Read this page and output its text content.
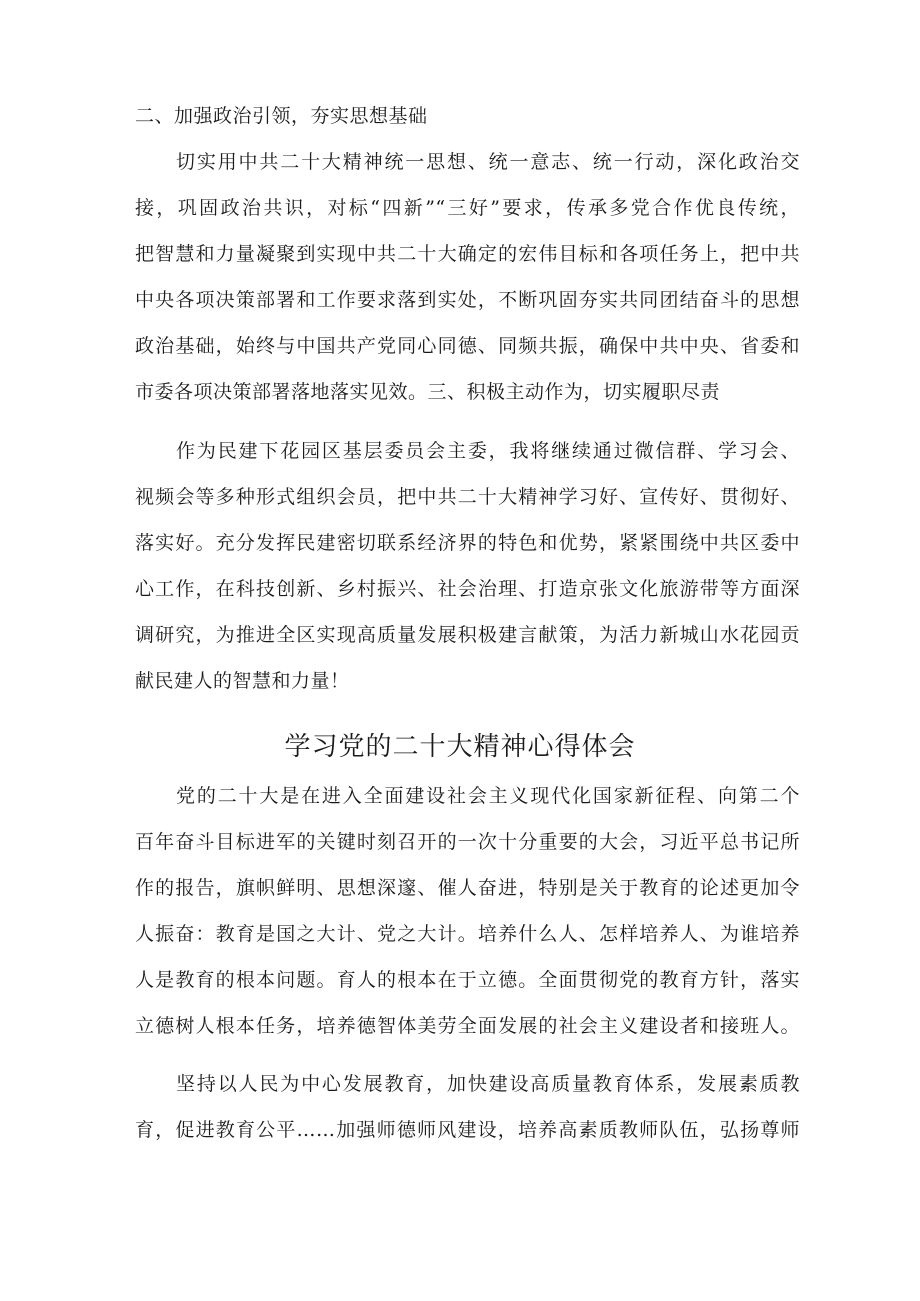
二、加强政治引领，夯实思想基础
切实用中共二十大精神统一思想、统一意志、统一行动，深化政治交
接，巩固政治共识，对标“四新”“三好”要求，传承多党合作优良传统，
把智慧和力量凝聚到实现中共二十大确定的宏伟目标和各项任务上，把中共
中央各项决策部署和工作要求落到实处，不断巩固夯实共同团结奋斗的思想
政治基础，始终与中国共产党同心同德、同频共振，确保中共中央、省委和
市委各项决策部署落地落实见效。三、积极主动作为，切实履职尽责
作为民建下花园区基层委员会主委，我将继续通过微信群、学习会、
视频会等多种形式组织会员，把中共二十大精神学习好、宣传好、贯彻好、
落实好。充分发挥民建密切联系经济界的特色和优势，紧紧围绕中共区委中
心工作，在科技创新、乡村振兴、社会治理、打造京张文化旅游带等方面深
调研究，为推进全区实现高质量发展积极建言献策，为活力新城山水花园贡
献民建人的智慧和力量！
学习党的二十大精神心得体会
党的二十大是在进入全面建设社会主义现代化国家新征程、向第二个
百年奋斗目标进军的关键时刻召开的一次十分重要的大会，习近平总书记所
作的报告，旗帜鲜明、思想深邃、催人奋进，特别是关于教育的论述更加令
人振奋：教育是国之大计、党之大计。培养什么人、怎样培养人、为谁培养
人是教育的根本问题。育人的根本在于立德。全面贯彻党的教育方针，落实
立德树人根本任务，培养德智体美劳全面发展的社会主义建设者和接班人。
坚持以人民为中心发展教育，加快建设高质量教育体系，发展素质教
育，促进教育公平……加强师德师风建设，培养高素质教师队伍，弘扬尊师
